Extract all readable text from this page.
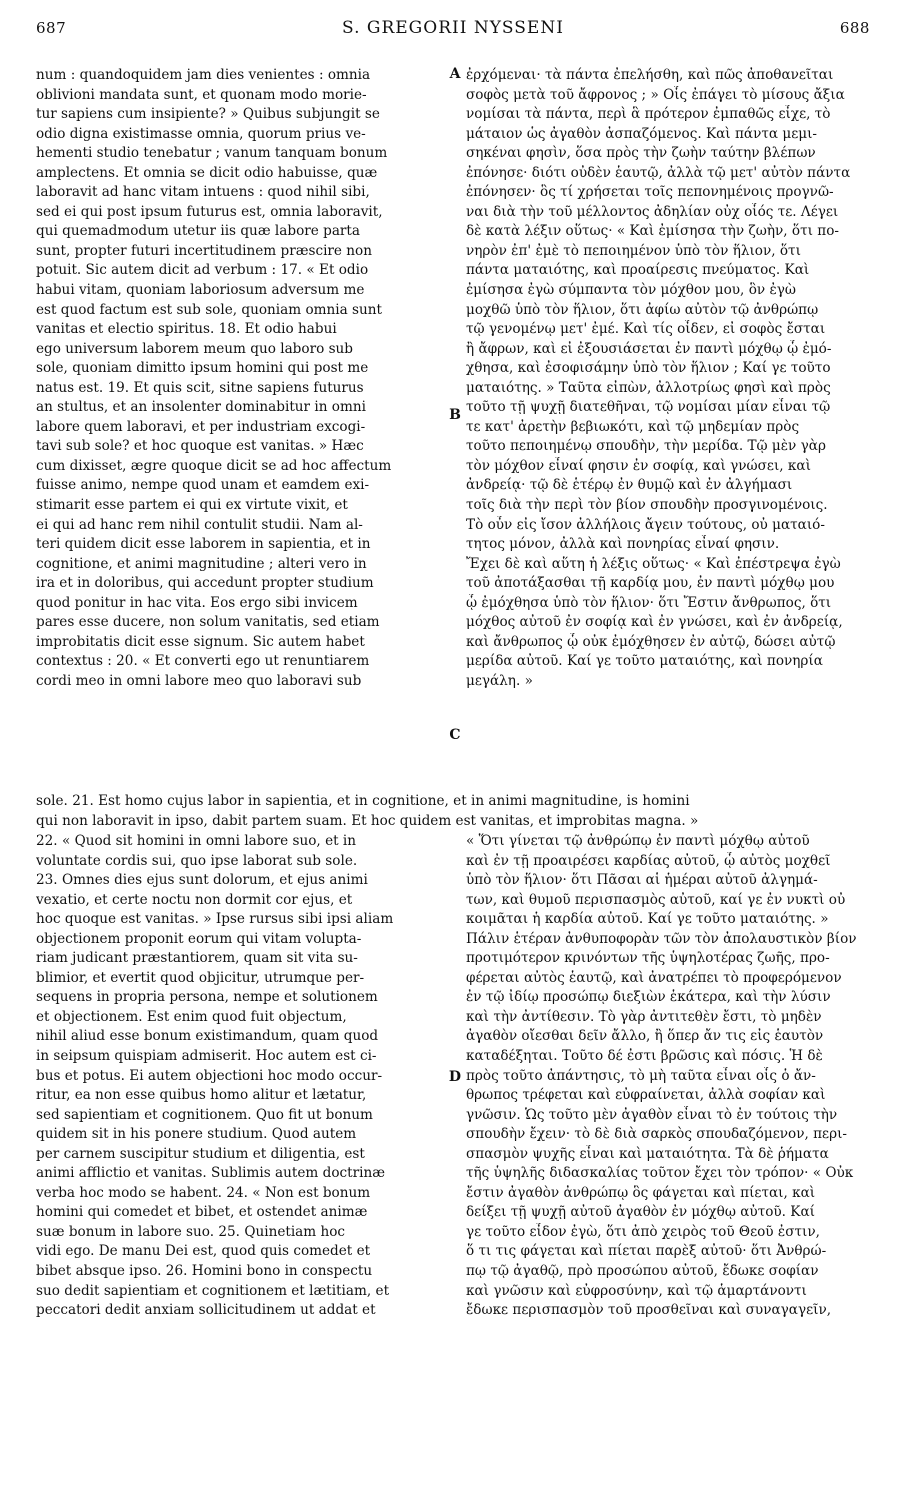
687	S. GREGORII NYSSENI	688
num : quandoquidem jam dies venientes : omnia
oblivioni mandata sunt, et quonam modo morie-
tur sapiens cum insipiente? » Quibus subjungit se
odio digna existimasse omnia, quorum prius ve-
hementi studio tenebatur ; vanum tanquam bonum
amplectens. Et omnia se dicit odio habuisse, quæ
laboravit ad hanc vitam intuens : quod nihil sibi,
sed ei qui post ipsum futurus est, omnia laboravit,
qui quemadmodum utetur iis quæ labore parta
sunt, propter futuri incertitudinem præscire non
potuit. Sic autem dicit ad verbum : 17. « Et odio
habui vitam, quoniam laboriosum adversum me
est quod factum est sub sole, quoniam omnia sunt
vanitas et electio spiritus. 18. Et odio habui
ego universum laborem meum quo laboro sub
sole, quoniam dimitto ipsum homini qui post me
natus est. 19. Et quis scit, sitne sapiens futurus
an stultus, et an insolenter dominabitur in omni
labore quem laboravi, et per industriam excogi-
tavi sub sole? et hoc quoque est vanitas. » Hæc
cum dixisset, ægre quoque dicit se ad hoc affectum
fuisse animo, nempe quod unam et eamdem exi-
stimarit esse partem ei qui ex virtute vixit, et
ei qui ad hanc rem nihil contulit studii. Nam al-
teri quidem dicit esse laborem in sapientia, et in
cognitione, et animi magnitudine ; alteri vero in
ira et in doloribus, qui accedunt propter studium
quod ponitur in hac vita. Eos ergo sibi invicem
pares esse ducere, non solum vanitatis, sed etiam
improbitatis dicit esse signum. Sic autem habet
contextus : 20. « Et converti ego ut renuntiarem
cordi meo in omni labore meo quo laboravi sub
ἐρχόμεναι· τὰ πάντα ἐπελήσθη, καὶ πῶς ἀποθανεῖται
σοφὸς μετὰ τοῦ ἄφρονος ; » Οἷς ἐπάγει τὸ μίσους ἄξια
νομίσαι τὰ πάντα, περὶ ἃ πρότερον ἐμπαθῶς εἶχε, τὸ
μάταιον ὡς ἀγαθὸν ἀσπαζόμενος. Καὶ πάντα μεμι-
σηκέναι φησὶν, ὅσα πρὸς τὴν ζωὴν ταύτην βλέπων
ἐπόνησε· διότι οὐδὲν ἑαυτῷ, ἀλλὰ τῷ μετ' αὐτὸν πάντα
ἐπόνησεν· ὃς τί χρήσεται τοῖς πεπονημένοις προγνῶ-
ναι διὰ τὴν τοῦ μέλλοντος ἀδηλίαν οὐχ οἷός τε. Λέγει
δὲ κατὰ λέξιν οὕτως· « Καὶ ἐμίσησα τὴν ζωὴν, ὅτι πο-
νηρὸν ἐπ' ἐμὲ τὸ πεποιημένον ὑπὸ τὸν ἥλιον, ὅτι
πάντα ματαιότης, καὶ προαίρεσις πνεύματος. Καὶ
ἐμίσησα ἐγὼ σύμπαντα τὸν μόχθον μου, ὃν ἐγὼ
μοχθῶ ὑπὸ τὸν ἥλιον, ὅτι ἀφίω αὐτὸν τῷ ἀνθρώπῳ
τῷ γενομένῳ μετ' ἐμέ. Καὶ τίς οἶδεν, εἰ σοφὸς ἔσται
ἢ ἄφρων, καὶ εἰ ἐξουσιάσεται ἐν παντὶ μόχθῳ ᾧ ἐμό-
χθησα, καὶ ἐσοφισάμην ὑπὸ τὸν ἥλιον ; Καί γε τοῦτο
ματαιότης. » Ταῦτα εἰπὼν, ἀλλοτρίως φησὶ καὶ πρὸς
τοῦτο τῇ ψυχῇ διατεθῆναι, τῷ νομίσαι μίαν εἶναι τῷ
τε κατ' ἀρετὴν βεβιωκότι, καὶ τῷ μηδεμίαν πρὸς
τοῦτο πεποιημένῳ σπουδὴν, τὴν μερίδα. Τῷ μὲν γὰρ
τὸν μόχθον εἶναί φησιν ἐν σοφίᾳ, καὶ γνώσει, καὶ
ἀνδρείᾳ· τῷ δὲ ἑτέρῳ ἐν θυμῷ καὶ ἐν ἀλγήμασι
τοῖς διὰ τὴν περὶ τὸν βίον σπουδὴν προσγινομένοις.
Τὸ οὖν εἰς ἴσον ἀλλήλοις ἄγειν τούτους, οὐ ματαιό-
τητος μόνον, ἀλλὰ καὶ πονηρίας εἶναί φησιν.
Ἔχει δὲ καὶ αὕτη ἡ λέξις οὕτως· « Καὶ ἐπέστρεψα ἐγὼ
τοῦ ἀποτάξασθαι τῇ καρδίᾳ μου, ἐν παντὶ μόχθῳ μου
ᾧ ἐμόχθησα ὑπὸ τὸν ἥλιον· ὅτι Ἔστιν ἄνθρωπος, ὅτι
μόχθος αὐτοῦ ἐν σοφίᾳ καὶ ἐν γνώσει, καὶ ἐν ἀνδρείᾳ,
καὶ ἄνθρωπος ᾧ οὐκ ἐμόχθησεν ἐν αὐτῷ, δώσει αὐτῷ
μερίδα αὐτοῦ. Καί γε τοῦτο ματαιότης, καὶ πονηρία
μεγάλη. »
sole. 21. Est homo cujus labor in sapientia, et in cognitione, et in animi magnitudine, is homini
qui non laboravit in ipso, dabit partem suam. Et hoc quidem est vanitas, et improbitas magna. »
22. « Quod sit homini in omni labore suo, et in
voluntate cordis sui, quo ipse laborat sub sole.
23. Omnes dies ejus sunt dolorum, et ejus animi
vexatio, et certe noctu non dormit cor ejus, et
hoc quoque est vanitas. » Ipse rursus sibi ipsi aliam
objectionem proponit eorum qui vitam volupta-
riam judicant præstantiorem, quam sit vita su-
blimior, et evertit quod objicitur, utrumque per-
sequens in propria persona, nempe et solutionem
et objectionem. Est enim quod fuit objectum,
nihil aliud esse bonum existimandum, quam quod
in seipsum quispiam admiserit. Hoc autem est ci-
bus et potus. Ei autem objectioni hoc modo occur-
ritur, ea non esse quibus homo alitur et lætatur,
sed sapientiam et cognitionem. Quo fit ut bonum
quidem sit in his ponere studium. Quod autem
per carnem suscipitur studium et diligentia, est
animi afflictio et vanitas. Sublimis autem doctrinæ
verba hoc modo se habent. 24. « Non est bonum
homini qui comedet et bibet, et ostendet animæ
suæ bonum in labore suo. 25. Quinetiam hoc
vidi ego. De manu Dei est, quod quis comedet et
bibet absque ipso. 26. Homini bono in conspectu
suo dedit sapientiam et cognitionem et lætitiam, et
peccatori dedit anxiam sollicitudinem ut addat et
« Ὅτι γίνεται τῷ ἀνθρώπῳ ἐν παντὶ μόχθῳ αὐτοῦ
καὶ ἐν τῇ προαιρέσει καρδίας αὐτοῦ, ᾧ αὐτὸς μοχθεῖ
ὑπὸ τὸν ἥλιον· ὅτι Πᾶσαι αἱ ἡμέραι αὐτοῦ ἀλγημά-
των, καὶ θυμοῦ περισπασμὸς αὐτοῦ, καί γε ἐν νυκτὶ οὐ
κοιμᾶται ἡ καρδία αὐτοῦ. Καί γε τοῦτο ματαιότης. »
Πάλιν ἑτέραν ἀνθυποφορὰν τῶν τὸν ἀπολαυστικὸν βίον
προτιμότερον κρινόντων τῆς ὑψηλοτέρας ζωῆς, προ-
φέρεται αὐτὸς ἑαυτῷ, καὶ ἀνατρέπει τὸ προφερόμενον
ἐν τῷ ἰδίῳ προσώπῳ διεξιὼν ἑκάτερα, καὶ τὴν λύσιν
καὶ τὴν ἀντίθεσιν. Τὸ γὰρ ἀντιτεθὲν ἔστι, τὸ μηδὲν
ἀγαθὸν οἴεσθαι δεῖν ἄλλο, ἢ ὅπερ ἄν τις εἰς ἑαυτὸν
καταδέξηται. Τοῦτο δέ ἐστι βρῶσις καὶ πόσις. Ἡ δὲ
πρὸς τοῦτο ἀπάντησις, τὸ μὴ ταῦτα εἶναι οἷς ὁ ἄν-
θρωπος τρέφεται καὶ εὐφραίνεται, ἀλλὰ σοφίαν καὶ
γνῶσιν. Ὡς τοῦτο μὲν ἀγαθὸν εἶναι τὸ ἐν τούτοις τὴν
σπουδὴν ἔχειν· τὸ δὲ διὰ σαρκὸς σπουδαζόμενον, περι-
σπασμὸν ψυχῆς εἶναι καὶ ματαιότητα. Τὰ δὲ ῥήματα
τῆς ὑψηλῆς διδασκαλίας τοῦτον ἔχει τὸν τρόπον· « Οὐκ
ἔστιν ἀγαθὸν ἀνθρώπῳ ὃς φάγεται καὶ πίεται, καὶ
δείξει τῇ ψυχῇ αὐτοῦ ἀγαθὸν ἐν μόχθῳ αὐτοῦ. Καί
γε τοῦτο εἶδον ἐγὼ, ὅτι ἀπὸ χειρὸς τοῦ Θεοῦ ἐστιν,
ὅ τι τις φάγεται καὶ πίεται παρὲξ αὐτοῦ· ὅτι Ἀνθρώ-
πῳ τῷ ἀγαθῷ, πρὸ προσώπου αὐτοῦ, ἔδωκε σοφίαν
καὶ γνῶσιν καὶ εὐφροσύνην, καὶ τῷ ἁμαρτάνοντι
ἔδωκε περισπασμὸν τοῦ προσθεῖναι καὶ συναγαγεῖν,
A
B
C
D
